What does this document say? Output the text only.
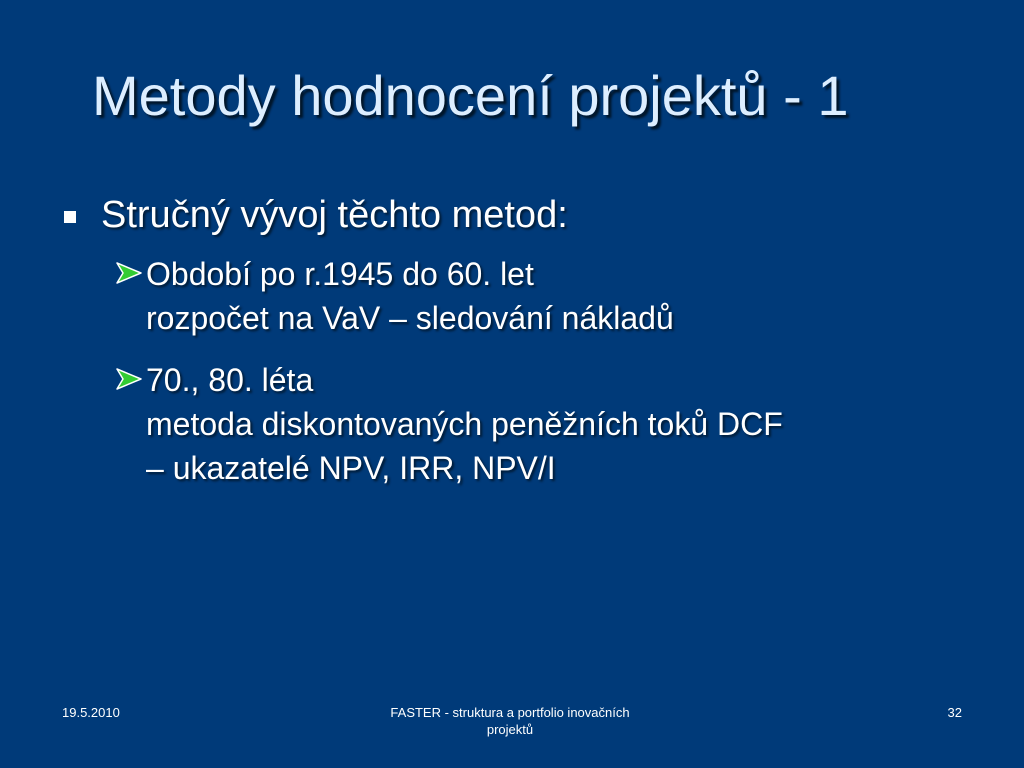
Metody hodnocení projektů - 1
Stručný vývoj těchto metod:
Období po r.1945 do 60. let
rozpočet na VaV – sledování nákladů
70., 80. léta
metoda diskontovaných peněžních toků DCF
– ukazatelé NPV, IRR, NPV/I
19.5.2010	FASTER - struktura a portfolio inovačních
projektů
32
